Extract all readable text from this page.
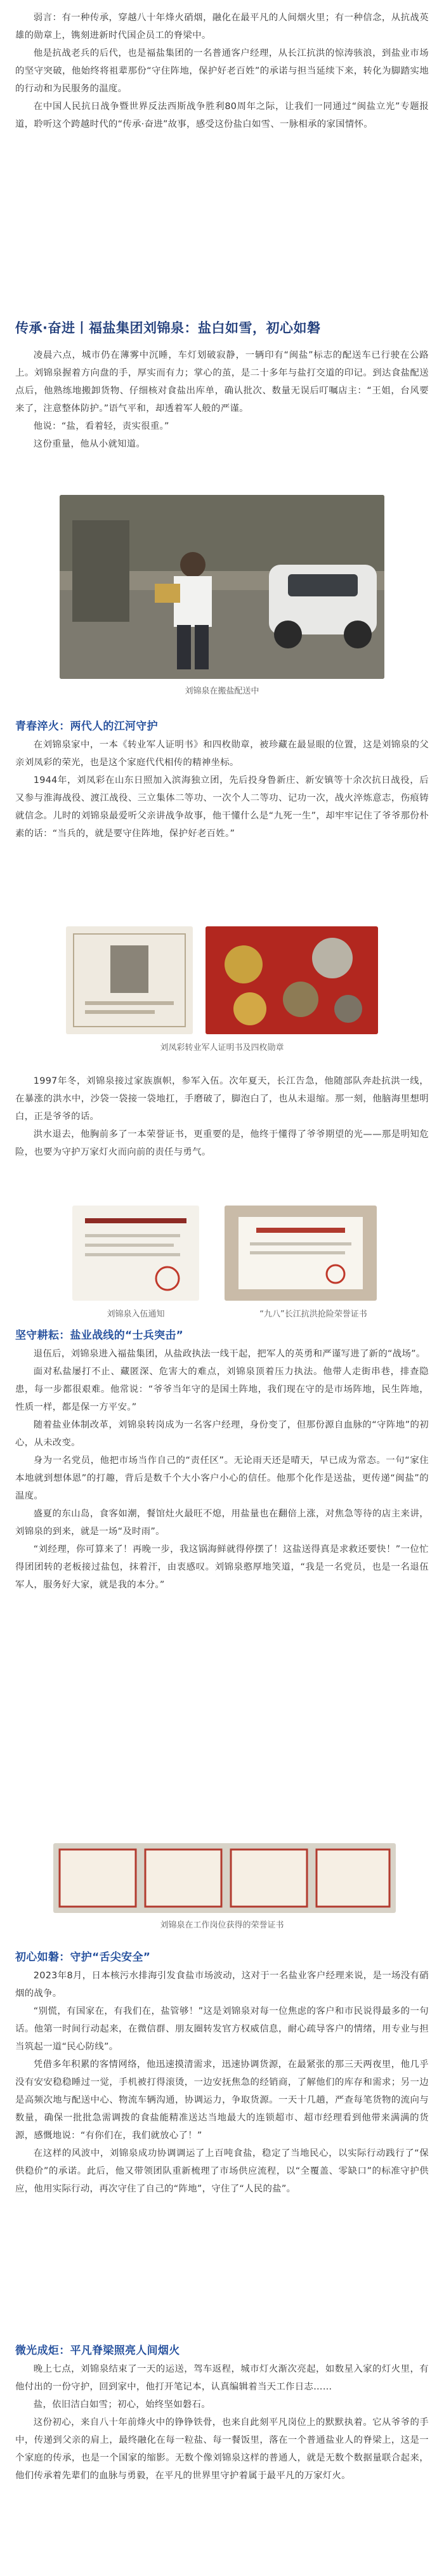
弱言：有一种传承，穿越八十年烽火硝烟，融化在最平凡的人间烟火里；有一种信念，从抗战英雄的勋章上，镌刻进新时代国企员工的脊梁中。

他是抗战老兵的后代，也是福盐集团的一名普通客户经理，从长江抗洪的惊涛骇浪，到盐业市场的坚守突破，他始终将祖辈那份“守住阵地，保护好老百姓”的承诺与担当延续下来，转化为脚踏实地的行动和为民服务的温度。

在中国人民抗日战争暨世界反法西斯战争胜利80周年之际，让我们一同通过“闽盐立光”专题报道，聆听这个跨越时代的“传承·奋进”故事，感受这份盐白如雪、一脉相承的家国情怀。

传承·奋进丨福盐集团刘锦泉：盐白如雪，初心如磐

凌晨六点，城市仍在薄雾中沉睡，车灯划破寂静，一辆印有“闽盐”标志的配送车已行驶在公路上。刘锦泉握着方向盘的手，厚实而有力；掌心的茧，是二十多年与盐打交道的印记。到达食盐配送点后，他熟练地搬卸货物、仔细核对食盐出库单，确认批次、数量无误后叮嘱店主：“王姐，台风要来了，注意整体防护。”语气平和，却透着军人般的严谨。

他说：“盐，看着轻，责实很重。”

这份重量，他从小就知道。

刘锦泉在搬盐配送中

青春淬火：两代人的江河守护

在刘锦泉家中，一本《转业军人证明书》和四枚勋章，被珍藏在最显眼的位置，这是刘锦泉的父亲刘凤彩的荣光，也是这个家庭代代相传的精神坐标。

1944年，刘凤彩在山东日照加入滨海独立团，先后投身鲁新庄、新安镇等十余次抗日战役，后又参与淮海战役、渡江战役、三立集体二等功、一次个人二等功、记功一次，战火淬炼意志，伤痕铸就信念。儿时的刘锦泉最爱听父亲讲战争故事，他干懂什么是“九死一生”，却牢牢记住了爷爷那份朴素的话：“当兵的，就是要守住阵地，保护好老百姓。”

刘凤彩转业军人证明书及四枚勋章

1997年冬，刘锦泉接过家族旗帜，参军入伍。次年夏天，长江告急，他随部队奔赴抗洪一线，在暴涨的洪水中，沙袋一袋接一袋地扛，手磨破了，脚泡白了，也从未退缩。那一刻，他脑海里想明白，正是爷爷的话。

洪水退去，他胸前多了一本荣誉证书，更重要的是，他终于懂得了爷爷期望的光——那是明知危险，也要为守护万家灯火而向前的责任与勇气。

刘锦泉入伍通知	“九八”长江抗洪抢险荣誉证书

坚守耕耘：盐业战线的“士兵突击”

退伍后，刘锦泉进入福盐集团，从盐政执法一线干起，把军人的英勇和严谨写进了新的“战场”。

面对私盐屡打不止、藏匿深、危害大的难点，刘锦泉顶着压力执法。他带人走街串巷，排查隐患，每一步都很艰难。他常说：“爷爷当年守的是国土阵地，我们现在守的是市场阵地，民生阵地，性质一样，都是保一方平安。”

随着盐业体制改革，刘锦泉转岗成为一名客户经理，身份变了，但那份源自血脉的“守阵地”的初心，从未改变。

身为一名党员，他把市场当作自己的“责任区”。无论雨天还是晴天，早已成为常态。一句“家住本地就到想体恩”的打趣，背后是数千个大小客户小心的信任。他那个化作是送盐，更传递“闽盐”的温度。

盛夏的东山岛，食客如潮，餐馆灶火最旺不熄，用盐量也在翻倍上涨，对焦急等待的店主来讲，刘锦泉的到来，就是一场“及时雨”。

“刘经理，你可算来了！再晚一步，我这锅海鲜就得停摆了！这盐送得真是求救还要快！”一位忙得团团转的老板接过盐包，抹着汗，由衷感叹。刘锦泉憨厚地笑道，“我是一名党员，也是一名退伍军人，服务好大家，就是我的本分。”

刘锦泉在工作岗位获得的荣誉证书

初心如磐：守护“舌尖安全”

2023年8月，日本核污水排海引发食盐市场波动，这对于一名盐业客户经理来说，是一场没有硝烟的战争。

“别慌，有国家在，有我们在，盐管够！”这是刘锦泉对每一位焦虑的客户和市民说得最多的一句话。他第一时间行动起来，在微信群、朋友圈转发官方权威信息，耐心疏导客户的情绪，用专业与担当筑起一道“民心防线”。

凭借多年积累的客情网络，他迅速摸清需求，迅速协调货源，在最紧张的那三天两夜里，他几乎没有安安稳稳睡过一觉，手机被打得滚烫，一边安抚焦急的经销商，了解他们的库存和需求；另一边是高频次地与配送中心、物流车辆沟通，协调运力，争取货源。一天十几趟，严查每笔货物的流向与数量，确保一批批急需调拨的食盐能精准送达当地最大的连锁超市、超市经理看到他带来满满的货源，感慨地说：“有你们在，我们就放心了！”

在这样的风波中，刘锦泉成功协调调运了上百吨食盐，稳定了当地民心，以实际行动践行了“保供稳价”的承诺。此后，他又带领团队重新梳理了市场供应流程，以“全覆盖、零缺口”的标准守护供应，他用实际行动，再次守住了自己的“阵地”，守住了“人民的盐”。

微光成炬：平凡脊梁照亮人间烟火

晚上七点，刘锦泉结束了一天的运送，驾车返程，城市灯火渐次亮起，如数星入家的灯火里，有他付出的一份守护，回到家中，他打开笔记本，认真编辑着当天工作日志……

盐，依旧洁白如雪；初心，始终坚如磐石。

这份初心，来自八十年前烽火中的铮铮铁骨，也来自此刻平凡岗位上的默默执着。它从爷爷的手中，传递到父亲的肩上，最终融化在每一粒盐、每一餐饭里，落在一个普通盐业人的脊梁上，这是一个家庭的传承，也是一个国家的缩影。无数个像刘锦泉这样的普通人，就是无数个数据量联合起来，他们传承着先辈们的血脉与勇毅，在平凡的世界里守护着属于最平凡的万家灯火。
